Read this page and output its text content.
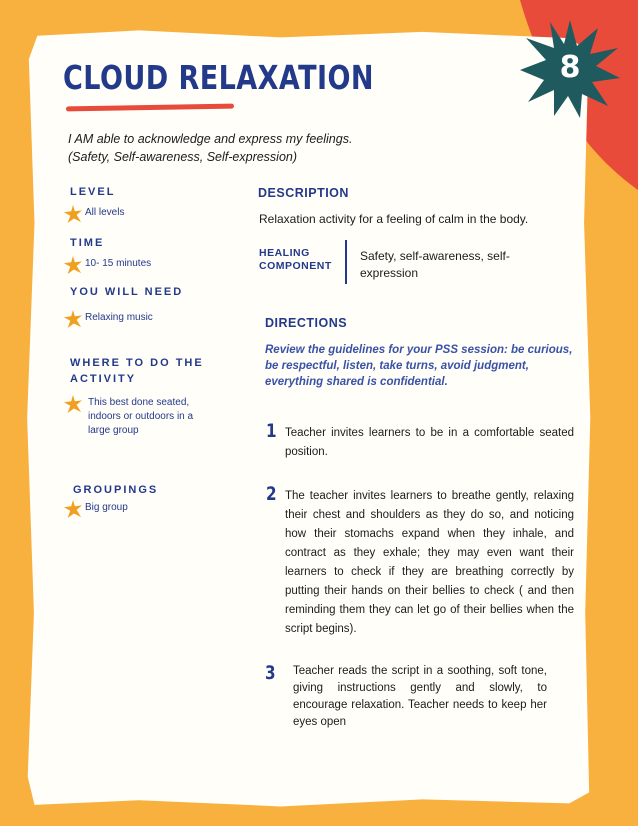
CLOUD RELAXATION	8
I AM able to acknowledge and express my feelings.
(Safety, Self-awareness, Self-expression)
LEVEL
All levels
TIME
10- 15 minutes
YOU WILL NEED
Relaxing music
WHERE TO DO THE ACTIVITY
This best done seated, indoors or outdoors in a large group
GROUPINGS
Big group
DESCRIPTION
Relaxation activity for a feeling of calm in the body.
HEALING
COMPONENT
Safety, self-awareness, self-expression
DIRECTIONS
Review the guidelines for your PSS session: be curious, be respectful, listen, take turns, avoid judgment, everything shared is confidential.
1 Teacher invites learners to be in a comfortable seated position.
2 The teacher invites learners to breathe gently, relaxing their chest and shoulders as they do so, and noticing how their stomachs expand when they inhale, and contract as they exhale; they may even want their learners to check if they are breathing correctly by putting their hands on their bellies to check ( and then reminding them they can let go of their bellies when the script begins).
3 Teacher reads the script in a soothing, soft tone, giving instructions gently and slowly, to encourage relaxation. Teacher needs to keep her eyes open
